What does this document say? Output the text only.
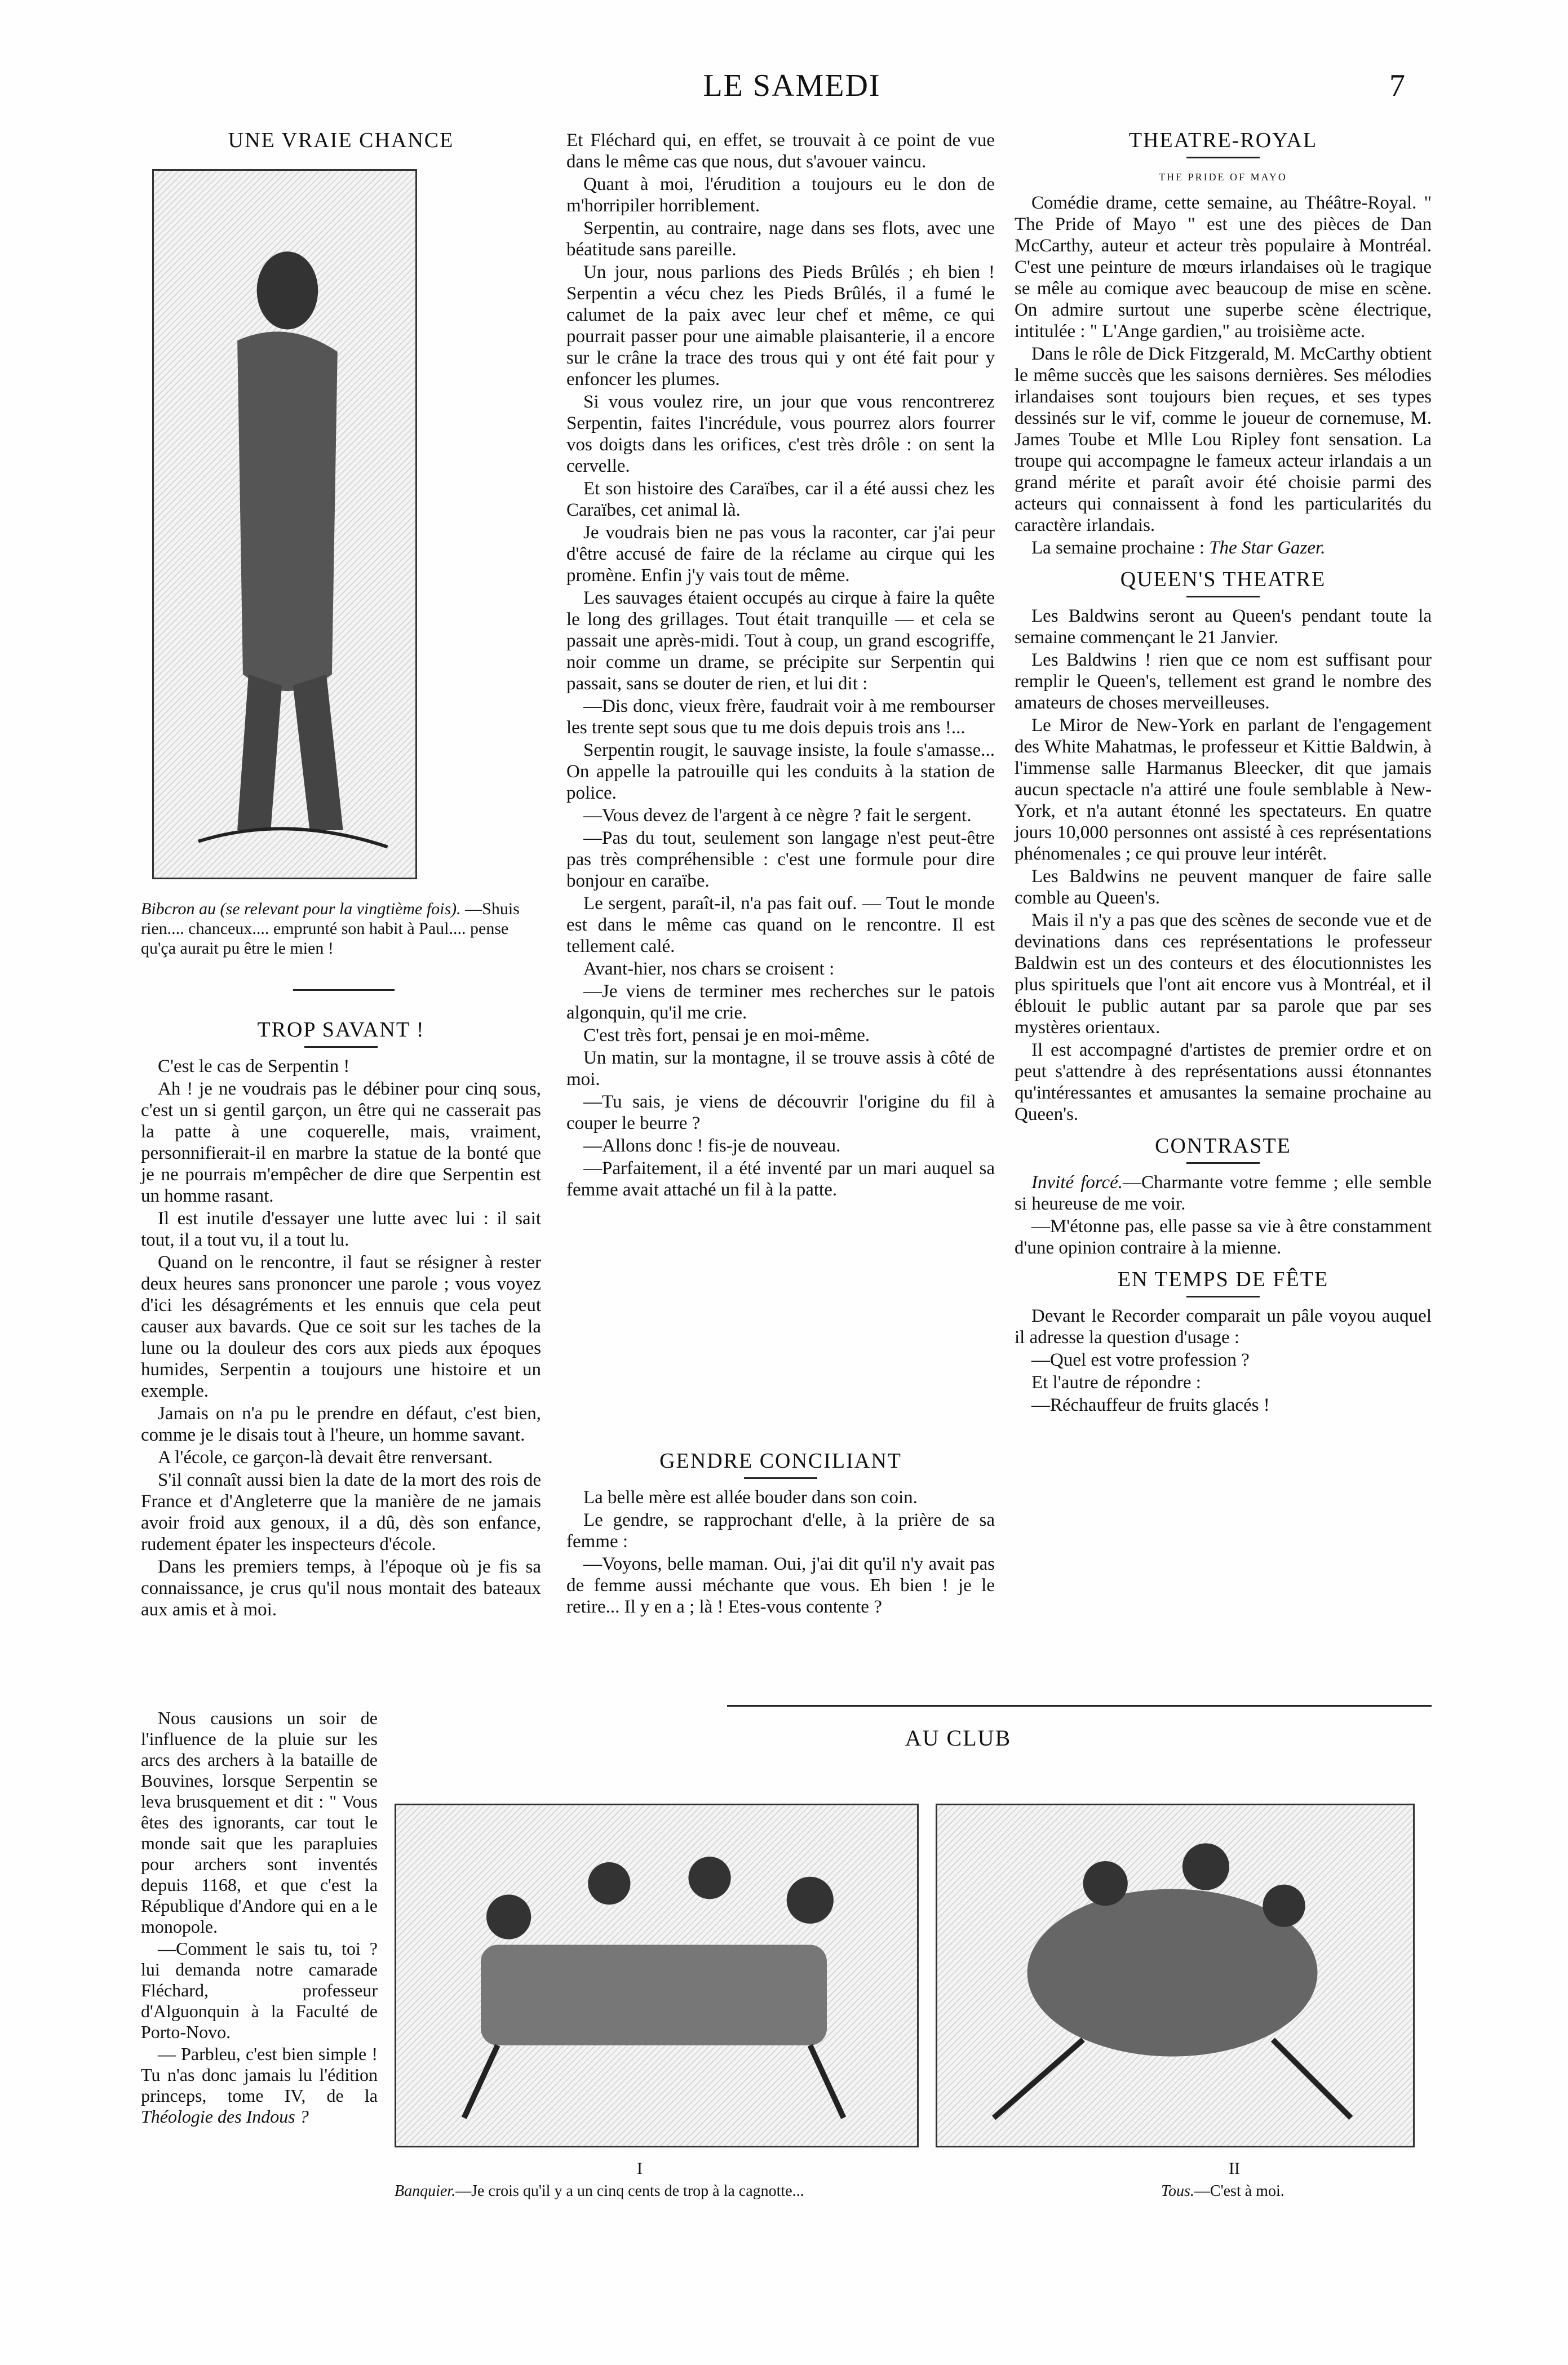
LE SAMEDI	7
UNE VRAIE CHANCE
Bibcron au (se relevant pour la vingtième fois). —Shuis rien.... chanceux.... emprunté son habit à Paul.... pense qu'ça aurait pu être le mien !
TROP SAVANT !

C'est le cas de Serpentin !

Ah ! je ne voudrais pas le débiner pour cinq sous, c'est un si gentil garçon, un être qui ne casserait pas la patte à une coquerelle, mais, vraiment, personnifierait-il en marbre la statue de la bonté que je ne pourrais m'empêcher de dire que Serpentin est un homme rasant.

Il est inutile d'essayer une lutte avec lui : il sait tout, il a tout vu, il a tout lu.

Quand on le rencontre, il faut se résigner à rester deux heures sans prononcer une parole ; vous voyez d'ici les désagréments et les ennuis que cela peut causer aux bavards. Que ce soit sur les taches de la lune ou la douleur des cors aux pieds aux époques humides, Serpentin a toujours une histoire et un exemple.

Jamais on n'a pu le prendre en défaut, c'est bien, comme je le disais tout à l'heure, un homme savant.

A l'école, ce garçon-là devait être renversant.

S'il connaît aussi bien la date de la mort des rois de France et d'Angleterre que la manière de ne jamais avoir froid aux genoux, il a dû, dès son enfance, rudement épater les inspecteurs d'école.

Dans les premiers temps, à l'époque où je fis sa connaissance, je crus qu'il nous montait des bateaux aux amis et à moi.

Nous causions un soir de l'influence de la pluie sur les arcs des archers à la bataille de Bouvines, lorsque Serpentin se leva brusquement et dit : " Vous êtes des ignorants, car tout le monde sait que les parapluies pour archers sont inventés depuis 1168, et que c'est la République d'Andore qui en a le monopole.

—Comment le sais tu, toi ? lui demanda notre camarade Fléchard, professeur d'Alguonquin à la Faculté de Porto-Novo.

— Parbleu, c'est bien simple ! Tu n'as donc jamais lu l'édition princeps, tome IV, de la Théologie des Indous ?

Et Fléchard qui, en effet, se trouvait à ce point de vue dans le même cas que nous, dut s'avouer vaincu.

Quant à moi, l'érudition a toujours eu le don de m'horripiler horriblement.

Serpentin, au contraire, nage dans ses flots, avec une béatitude sans pareille.

Un jour, nous parlions des Pieds Brûlés ; eh bien ! Serpentin a vécu chez les Pieds Brûlés, il a fumé le calumet de la paix avec leur chef et même, ce qui pourrait passer pour une aimable plaisanterie, il a encore sur le crâne la trace des trous qui y ont été fait pour y enfoncer les plumes.

Si vous voulez rire, un jour que vous rencontrerez Serpentin, faites l'incrédule, vous pourrez alors fourrer vos doigts dans les orifices, c'est très drôle : on sent la cervelle.

Et son histoire des Caraïbes, car il a été aussi chez les Caraïbes, cet animal là.

Je voudrais bien ne pas vous la raconter, car j'ai peur d'être accusé de faire de la réclame au cirque qui les promène. Enfin j'y vais tout de même.

Les sauvages étaient occupés au cirque à faire la quête le long des grillages. Tout était tranquille — et cela se passait une après-midi. Tout à coup, un grand escogriffe, noir comme un drame, se précipite sur Serpentin qui passait, sans se douter de rien, et lui dit :

—Dis donc, vieux frère, faudrait voir à me rembourser les trente sept sous que tu me dois depuis trois ans !...

Serpentin rougit, le sauvage insiste, la foule s'amasse... On appelle la patrouille qui les conduits à la station de police.

—Vous devez de l'argent à ce nègre ? fait le sergent.

—Pas du tout, seulement son langage n'est peut-être pas très compréhensible : c'est une formule pour dire bonjour en caraïbe.

Le sergent, paraît-il, n'a pas fait ouf. — Tout le monde est dans le même cas quand on le rencontre. Il est tellement calé.

Avant-hier, nos chars se croisent :

—Je viens de terminer mes recherches sur le patois algonquin, qu'il me crie.

C'est très fort, pensai je en moi-même.

Un matin, sur la montagne, il se trouve assis à côté de moi.

—Tu sais, je viens de découvrir l'origine du fil à couper le beurre ?

—Allons donc ! fis-je de nouveau.

—Parfaitement, il a été inventé par un mari auquel sa femme avait attaché un fil à la patte.

GENDRE CONCILIANT

La belle mère est allée bouder dans son coin.

Le gendre, se rapprochant d'elle, à la prière de sa femme :

—Voyons, belle maman. Oui, j'ai dit qu'il n'y avait pas de femme aussi méchante que vous. Eh bien ! je le retire... Il y en a ; là ! Etes-vous contente ?

THEATRE-ROYAL
THE PRIDE OF MAYO

Comédie drame, cette semaine, au Théâtre-Royal. " The Pride of Mayo " est une des pièces de Dan McCarthy, auteur et acteur très populaire à Montréal. C'est une peinture de mœurs irlandaises où le tragique se mêle au comique avec beaucoup de mise en scène. On admire surtout une superbe scène électrique, intitulée : " L'Ange gardien," au troisième acte.

Dans le rôle de Dick Fitzgerald, M. McCarthy obtient le même succès que les saisons dernières. Ses mélodies irlandaises sont toujours bien reçues, et ses types dessinés sur le vif, comme le joueur de cornemuse, M. James Toube et Mlle Lou Ripley font sensation. La troupe qui accompagne le fameux acteur irlandais a un grand mérite et paraît avoir été choisie parmi des acteurs qui connaissent à fond les particularités du caractère irlandais.

La semaine prochaine : The Star Gazer.

QUEEN'S THEATRE

Les Baldwins seront au Queen's pendant toute la semaine commençant le 21 Janvier.

Les Baldwins ! rien que ce nom est suffisant pour remplir le Queen's, tellement est grand le nombre des amateurs de choses merveilleuses.

Le Miror de New-York en parlant de l'engagement des White Mahatmas, le professeur et Kittie Baldwin, à l'immense salle Harmanus Bleecker, dit que jamais aucun spectacle n'a attiré une foule semblable à New-York, et n'a autant étonné les spectateurs. En quatre jours 10,000 personnes ont assisté à ces représentations phénomenales ; ce qui prouve leur intérêt.

Les Baldwins ne peuvent manquer de faire salle comble au Queen's.

Mais il n'y a pas que des scènes de seconde vue et de devinations dans ces représentations le professeur Baldwin est un des conteurs et des élocutionnistes les plus spirituels que l'ont ait encore vus à Montréal, et il éblouit le public autant par sa parole que par ses mystères orientaux.

Il est accompagné d'artistes de premier ordre et on peut s'attendre à des représentations aussi étonnantes qu'intéressantes et amusantes la semaine prochaine au Queen's.

CONTRASTE

Invité forcé.—Charmante votre femme ; elle semble si heureuse de me voir.

—M'étonne pas, elle passe sa vie à être constamment d'une opinion contraire à la mienne.

EN TEMPS DE FÊTE

Devant le Recorder comparait un pâle voyou auquel il adresse la question d'usage :

—Quel est votre profession ?

Et l'autre de répondre :

—Réchauffeur de fruits glacés !

AU CLUB
I
Banquier.—Je crois qu'il y a un cinq cents de trop à la cagnotte...
II
Tous.—C'est à moi.
